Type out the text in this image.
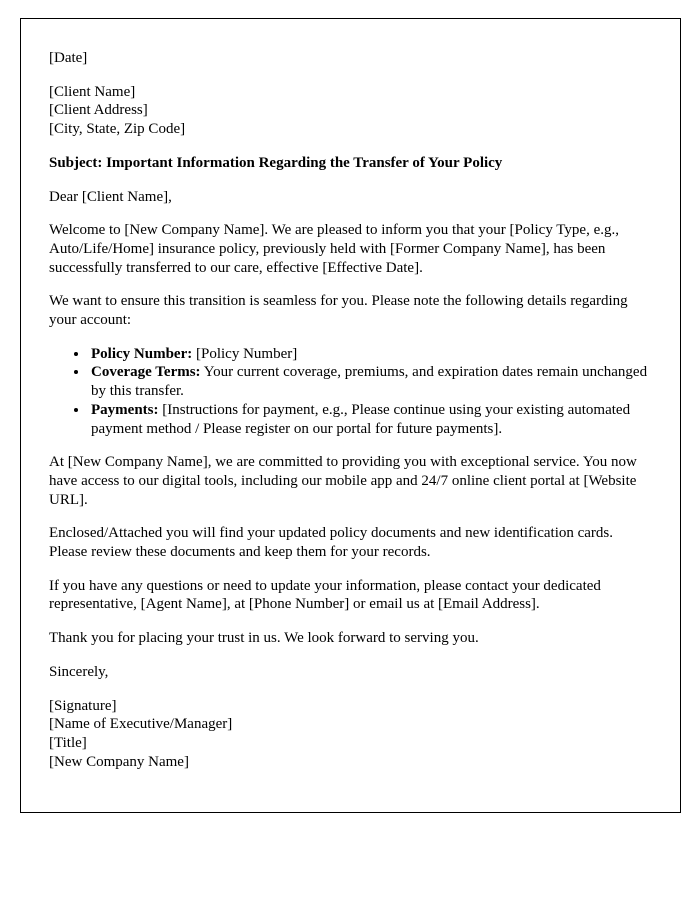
[Date]

[Client Name]
[Client Address]
[City, State, Zip Code]

Subject: Important Information Regarding the Transfer of Your Policy

Dear [Client Name],

Welcome to [New Company Name]. We are pleased to inform you that your [Policy Type, e.g., Auto/Life/Home] insurance policy, previously held with [Former Company Name], has been successfully transferred to our care, effective [Effective Date].

We want to ensure this transition is seamless for you. Please note the following details regarding your account:

• Policy Number: [Policy Number]
• Coverage Terms: Your current coverage, premiums, and expiration dates remain unchanged by this transfer.
• Payments: [Instructions for payment, e.g., Please continue using your existing automated payment method / Please register on our portal for future payments].

At [New Company Name], we are committed to providing you with exceptional service. You now have access to our digital tools, including our mobile app and 24/7 online client portal at [Website URL].

Enclosed/Attached you will find your updated policy documents and new identification cards. Please review these documents and keep them for your records.

If you have any questions or need to update your information, please contact your dedicated representative, [Agent Name], at [Phone Number] or email us at [Email Address].

Thank you for placing your trust in us. We look forward to serving you.

Sincerely,

[Signature]
[Name of Executive/Manager]
[Title]
[New Company Name]
